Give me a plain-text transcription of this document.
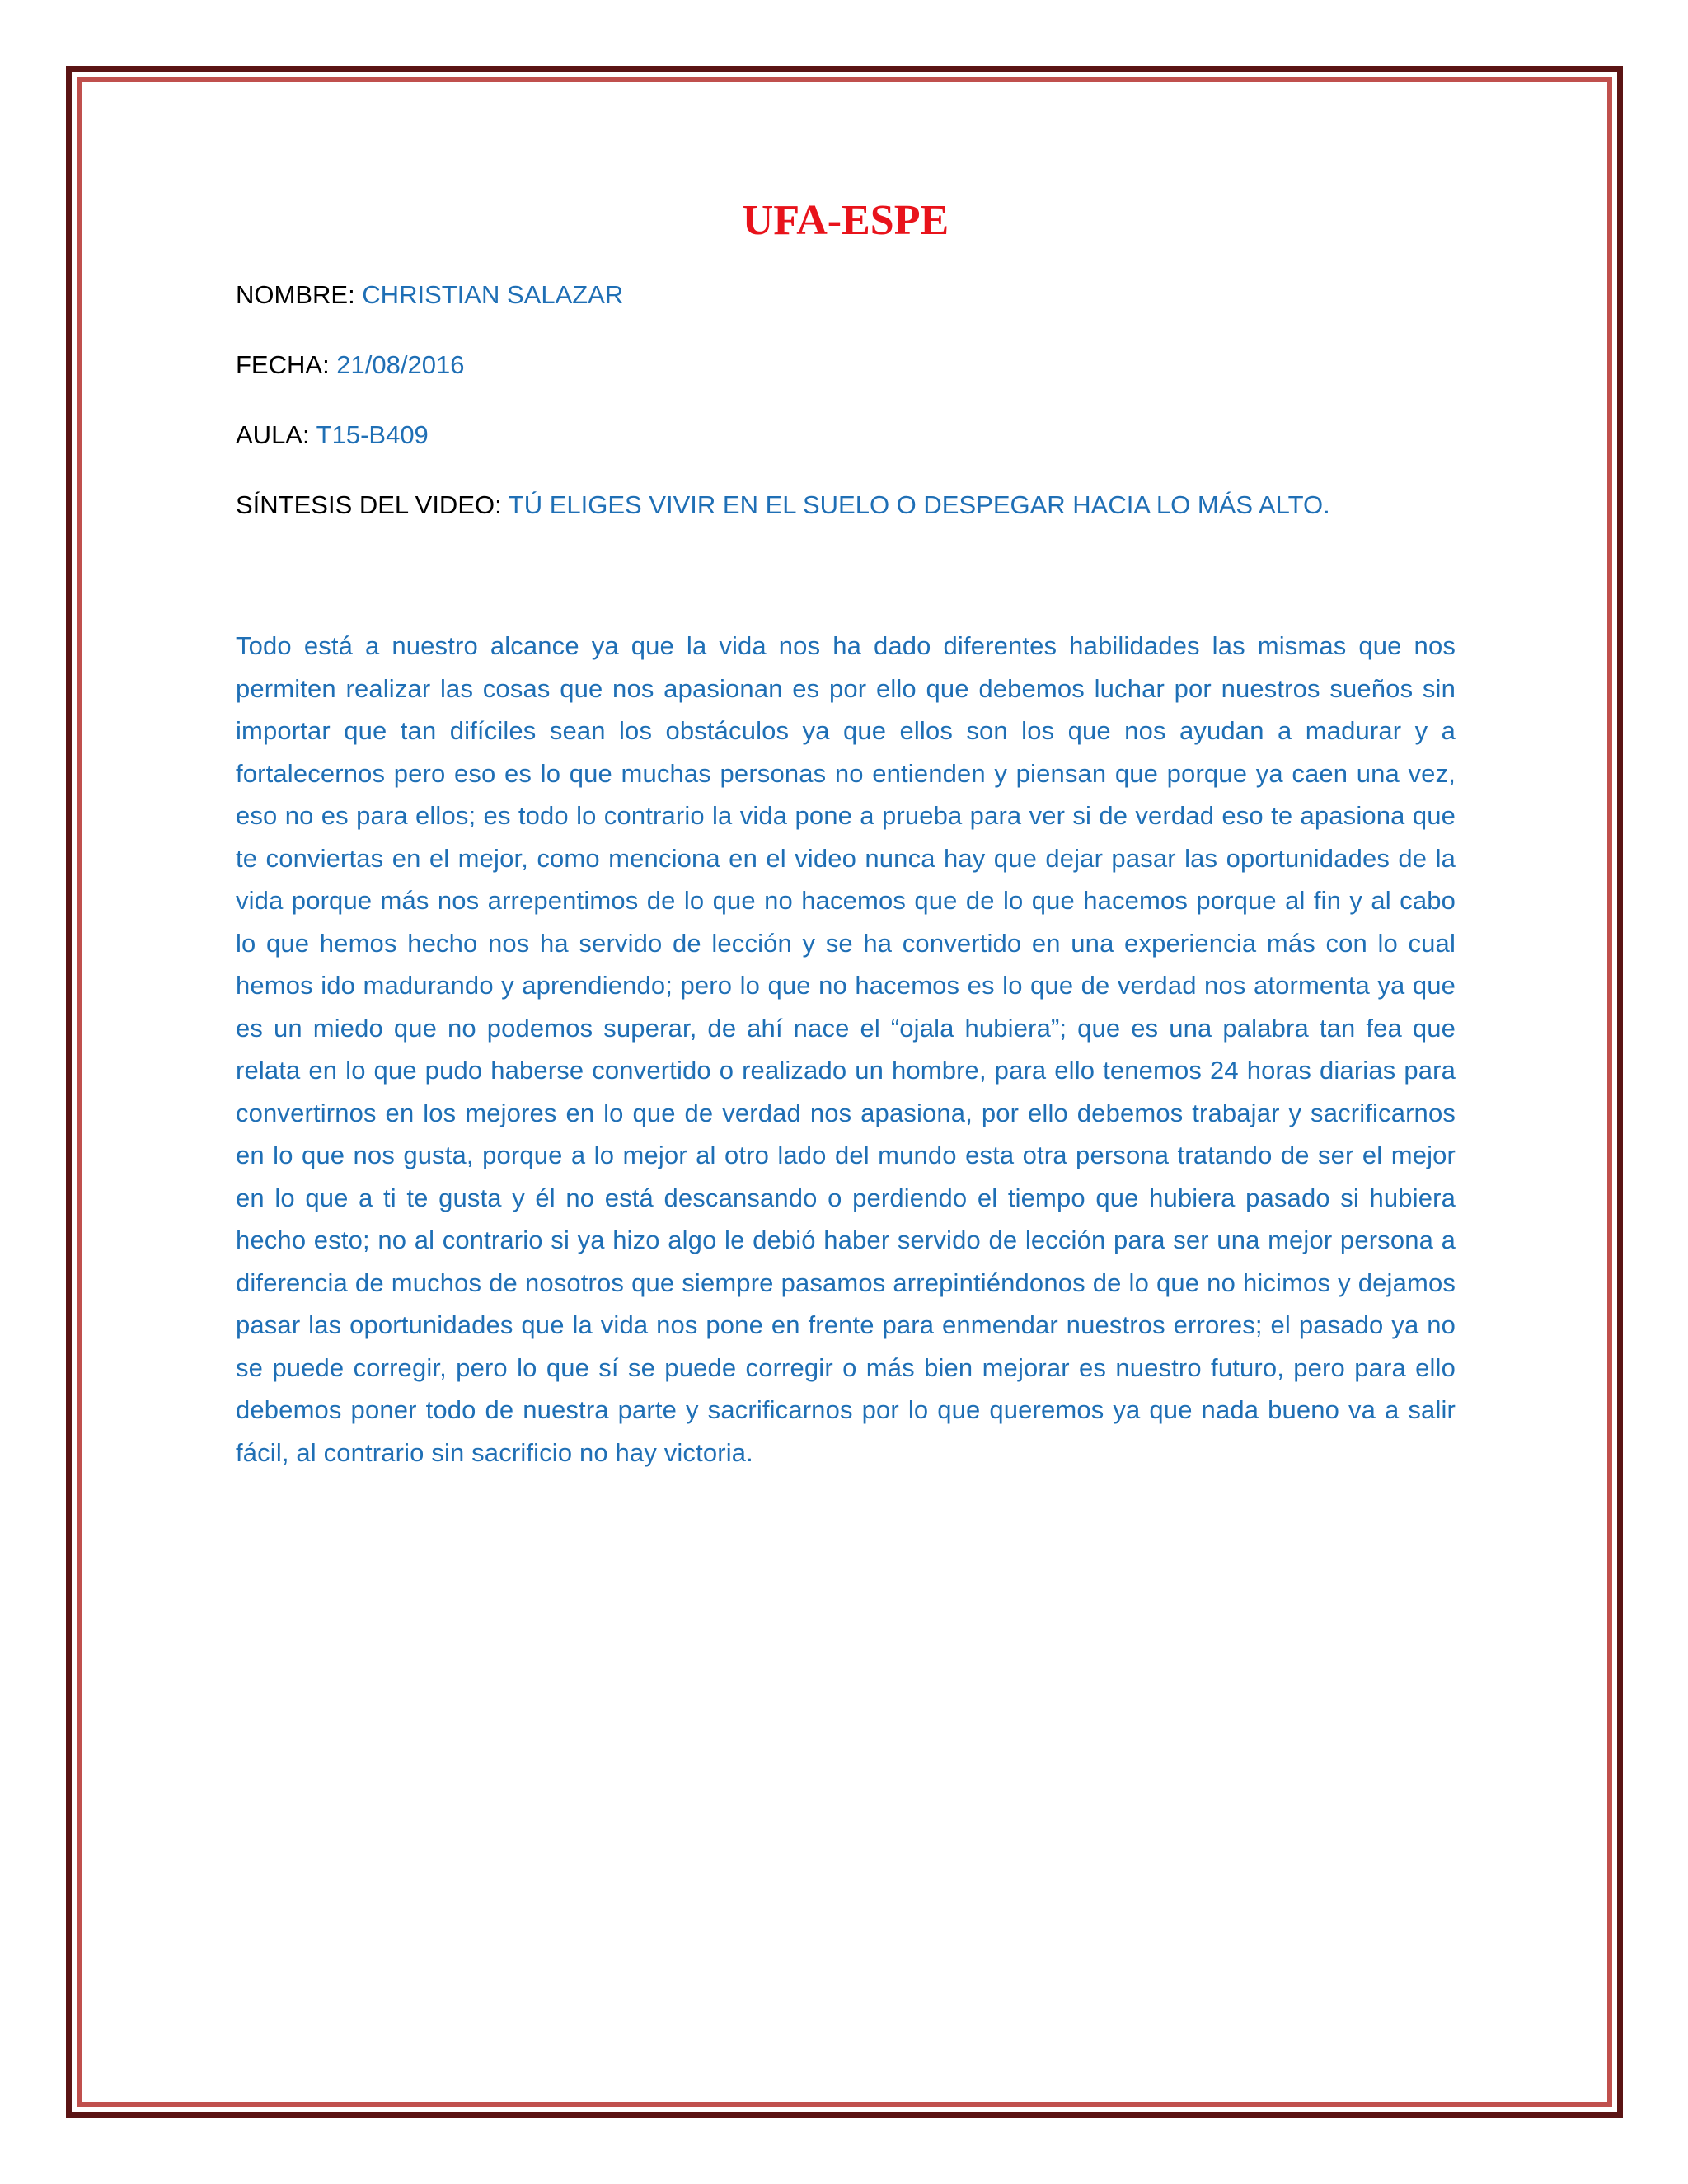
UFA-ESPE
NOMBRE: CHRISTIAN SALAZAR
FECHA: 21/08/2016
AULA: T15-B409
SÍNTESIS DEL VIDEO: TÚ ELIGES VIVIR EN EL SUELO O DESPEGAR HACIA LO MÁS ALTO.

Todo está a nuestro alcance ya que la vida nos ha dado diferentes habilidades las mismas que nos permiten realizar las cosas que nos apasionan es por ello que debemos luchar por nuestros sueños sin importar que tan difíciles sean los obstáculos ya que ellos son los que nos ayudan a madurar y a fortalecernos pero eso es lo que muchas personas no entienden y piensan que porque ya caen una vez, eso no es para ellos; es todo lo contrario la vida pone a prueba para ver si de verdad eso te apasiona que te conviertas en el mejor, como menciona en el video nunca hay que dejar pasar las oportunidades de la vida porque más nos arrepentimos de lo que no hacemos que de lo que hacemos porque al fin y al cabo lo que hemos hecho nos ha servido de lección y se ha convertido en una experiencia más con lo cual hemos ido madurando y aprendiendo; pero lo que no hacemos es lo que de verdad nos atormenta ya que es un miedo que no podemos superar, de ahí nace el “ojala hubiera”; que es una palabra tan fea que relata en lo que pudo haberse convertido o realizado un hombre, para ello tenemos 24 horas diarias para convertirnos en los mejores en lo que de verdad nos apasiona, por ello debemos trabajar y sacrificarnos en lo que nos gusta, porque a lo mejor al otro lado del mundo esta otra persona tratando de ser el mejor en lo que a ti te gusta y él no está descansando o perdiendo el tiempo que hubiera pasado si hubiera hecho esto; no al contrario si ya hizo algo le debió haber servido de lección para ser una mejor persona a diferencia de muchos de nosotros que siempre pasamos arrepintiéndonos de lo que no hicimos y dejamos pasar las oportunidades que la vida nos pone en frente para enmendar nuestros errores; el pasado ya no se puede corregir, pero lo que sí se puede corregir o más bien mejorar es nuestro futuro, pero para ello debemos poner todo de nuestra parte y sacrificarnos por lo que queremos ya que nada bueno va a salir fácil, al contrario sin sacrificio no hay victoria.
